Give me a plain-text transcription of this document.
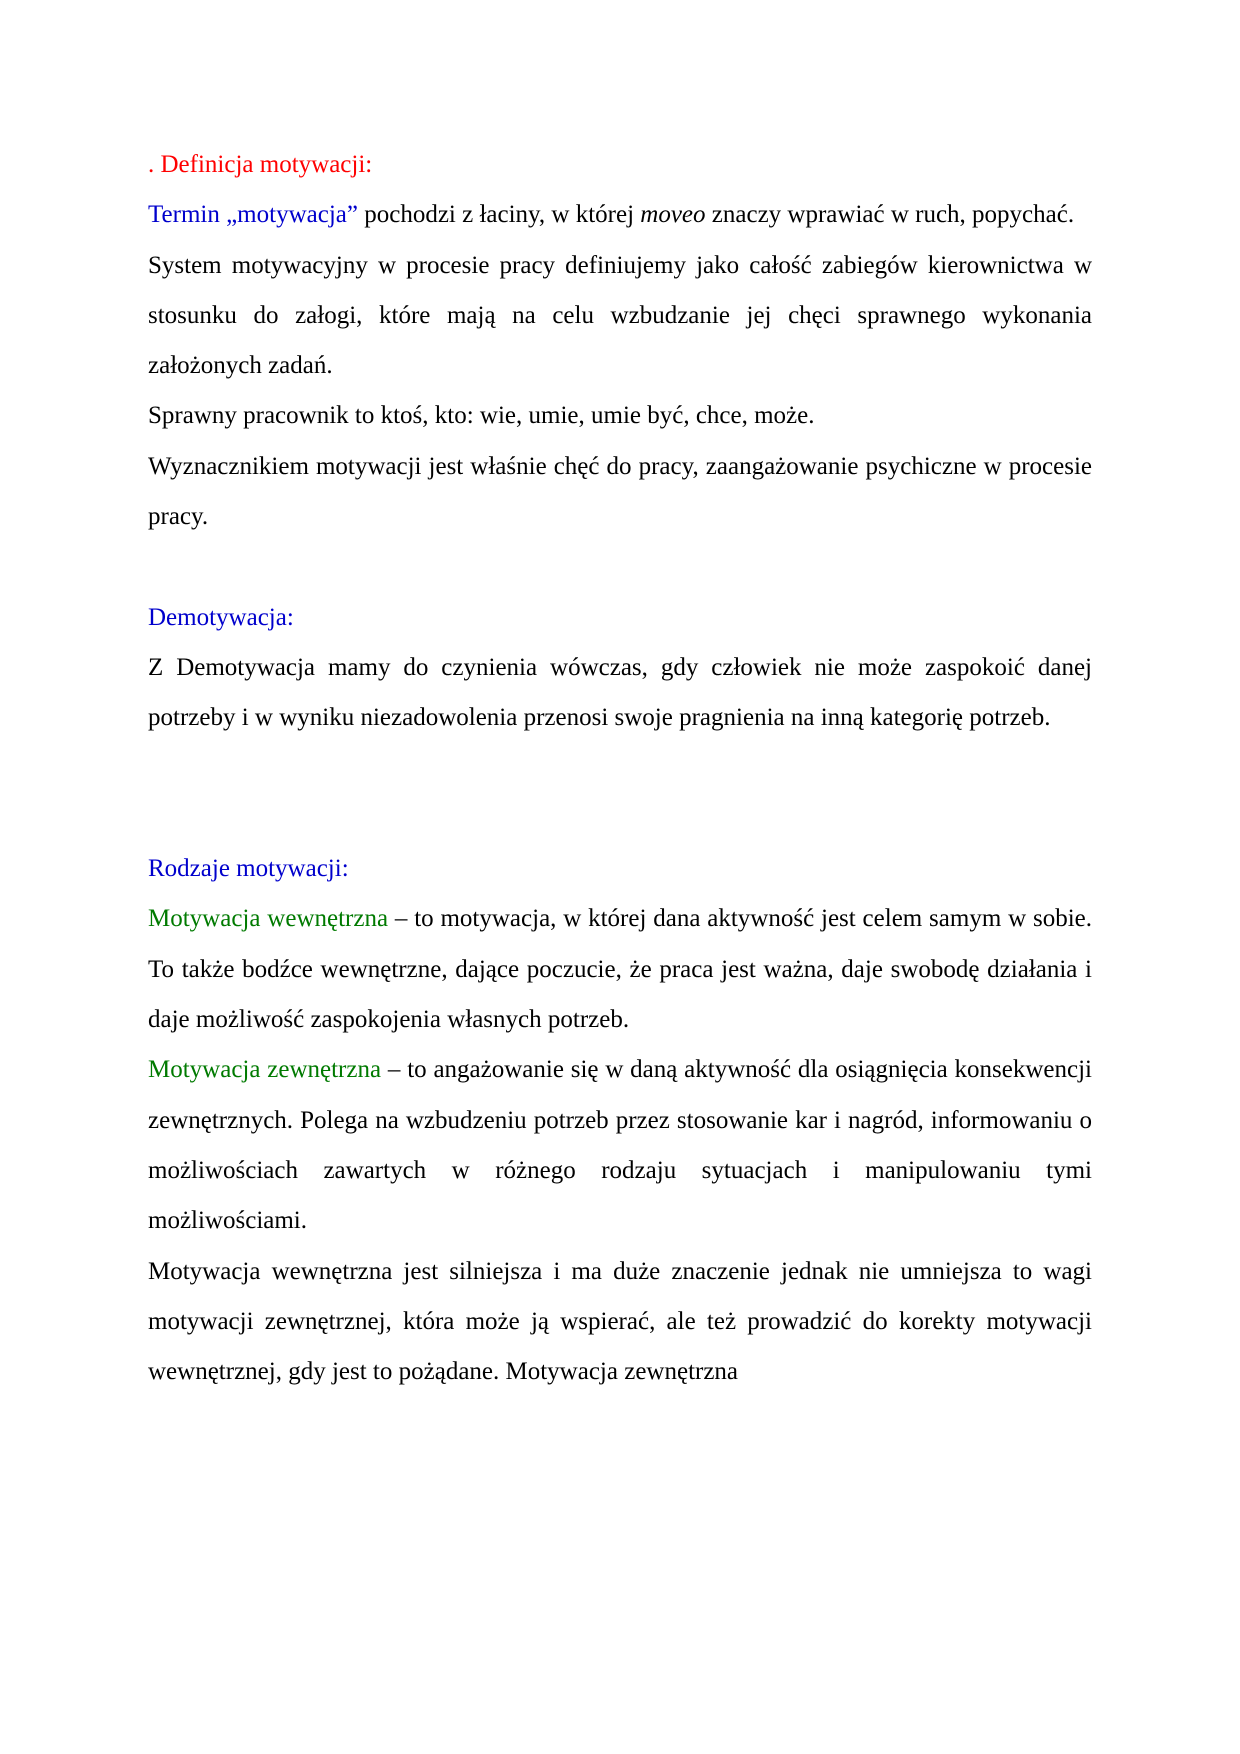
. Definicja motywacji:

Termin „motywacja” pochodzi z łaciny, w której moveo znaczy wprawiać w ruch, popychać.

System motywacyjny w procesie pracy definiujemy jako całość zabiegów kierownictwa w stosunku do załogi, które mają na celu wzbudzanie jej chęci sprawnego wykonania założonych zadań.

Sprawny pracownik to ktoś, kto: wie, umie, umie być, chce, może.

Wyznacznikiem motywacji jest właśnie chęć do pracy, zaangażowanie psychiczne w procesie pracy.

Demotywacja:

Z Demotywacja mamy do czynienia wówczas, gdy człowiek nie może zaspokoić danej potrzeby i w wyniku niezadowolenia przenosi swoje pragnienia na inną kategorię potrzeb.

Rodzaje motywacji:

Motywacja wewnętrzna – to motywacja, w której dana aktywność jest celem samym w sobie. To także bodźce wewnętrzne, dające poczucie, że praca jest ważna, daje swobodę działania i daje możliwość zaspokojenia własnych potrzeb.

Motywacja zewnętrzna – to angażowanie się w daną aktywność dla osiągnięcia konsekwencji zewnętrznych. Polega na wzbudzeniu potrzeb przez stosowanie kar i nagród, informowaniu o możliwościach zawartych w różnego rodzaju sytuacjach i manipulowaniu tymi możliwościami.

Motywacja wewnętrzna jest silniejsza i ma duże znaczenie jednak nie umniejsza to wagi motywacji zewnętrznej, która może ją wspierać, ale też prowadzić do korekty motywacji wewnętrznej, gdy jest to pożądane. Motywacja zewnętrzna
